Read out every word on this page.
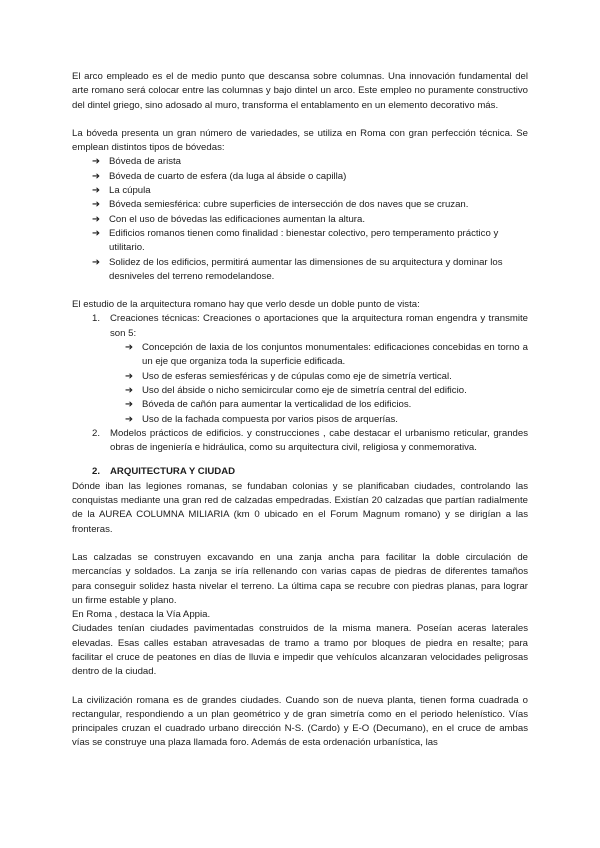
El arco empleado es el de medio punto que descansa sobre columnas. Una innovación fundamental del arte romano será colocar entre las columnas y bajo dintel un arco. Este empleo no puramente constructivo del dintel griego, sino adosado al muro, transforma el entablamento en un elemento decorativo más.

La bóveda presenta un gran número de variedades, se utiliza en Roma con gran perfección técnica. Se emplean distintos tipos de bóvedas:

➔ Bóveda de arista
➔ Bóveda de cuarto de esfera (da luga al ábside o capilla)
➔ La cúpula
➔ Bóveda semiesférica: cubre superficies de intersección de dos naves que se cruzan.
➔ Con el uso de bóvedas las edificaciones aumentan la altura.
➔ Edificios romanos tienen como finalidad : bienestar colectivo, pero temperamento práctico y utilitario.
➔ Solidez de los edificios, permitirá aumentar las dimensiones de su arquitectura y dominar los desniveles del terreno remodelandose.

El estudio de la arquitectura romano hay que verlo desde un doble punto de vista:

1. Creaciones técnicas: Creaciones o aportaciones que la arquitectura roman engendra y transmite son 5:
➔ Concepción de laxia de los conjuntos monumentales: edificaciones concebidas en torno a un eje que organiza toda la superficie edificada.
➔ Uso de esferas semiesféricas y de cúpulas como eje de simetría vertical.
➔ Uso del ábside o nicho semicircular como eje de simetría central del edificio.
➔ Bóveda de cañón para aumentar la verticalidad de los edificios.
➔ Uso de la fachada compuesta por varios pisos de arquerías.
2. Modelos prácticos de edificios. y construcciones , cabe destacar el urbanismo reticular, grandes obras de ingeniería e hidráulica, como su arquitectura civil, religiosa y conmemorativa.
2. ARQUITECTURA Y CIUDAD

Dónde iban las legiones romanas, se fundaban colonias y se planificaban ciudades, controlando las conquistas mediante una gran red de calzadas empedradas. Existían 20 calzadas que partían radialmente de la AUREA COLUMNA MILIARIA (km 0 ubicado en el Forum Magnum romano) y se dirigían a las fronteras.

Las calzadas se construyen excavando en una zanja ancha para facilitar la doble circulación de mercancías y soldados. La zanja se iría rellenando con varias capas de piedras de diferentes tamaños para conseguir solidez hasta nivelar el terreno. La última capa se recubre con piedras planas, para lograr un firme estable y plano.

En Roma , destaca la Vía Appia.

Ciudades tenían ciudades pavimentadas construidos de la misma manera. Poseían aceras laterales elevadas. Esas calles estaban atravesadas de tramo a tramo por bloques de piedra en resalte; para facilitar el cruce de peatones en días de lluvia e impedir que vehículos alcanzaran velocidades peligrosas dentro de la ciudad.

La civilización romana es de grandes ciudades. Cuando son de nueva planta, tienen forma cuadrada o rectangular, respondiendo a un plan geométrico y de gran simetría como en el periodo helenístico. Vías principales cruzan el cuadrado urbano dirección N-S. (Cardo) y E-O (Decumano), en el cruce de ambas vías se construye una plaza llamada foro. Además de esta ordenación urbanística, las
